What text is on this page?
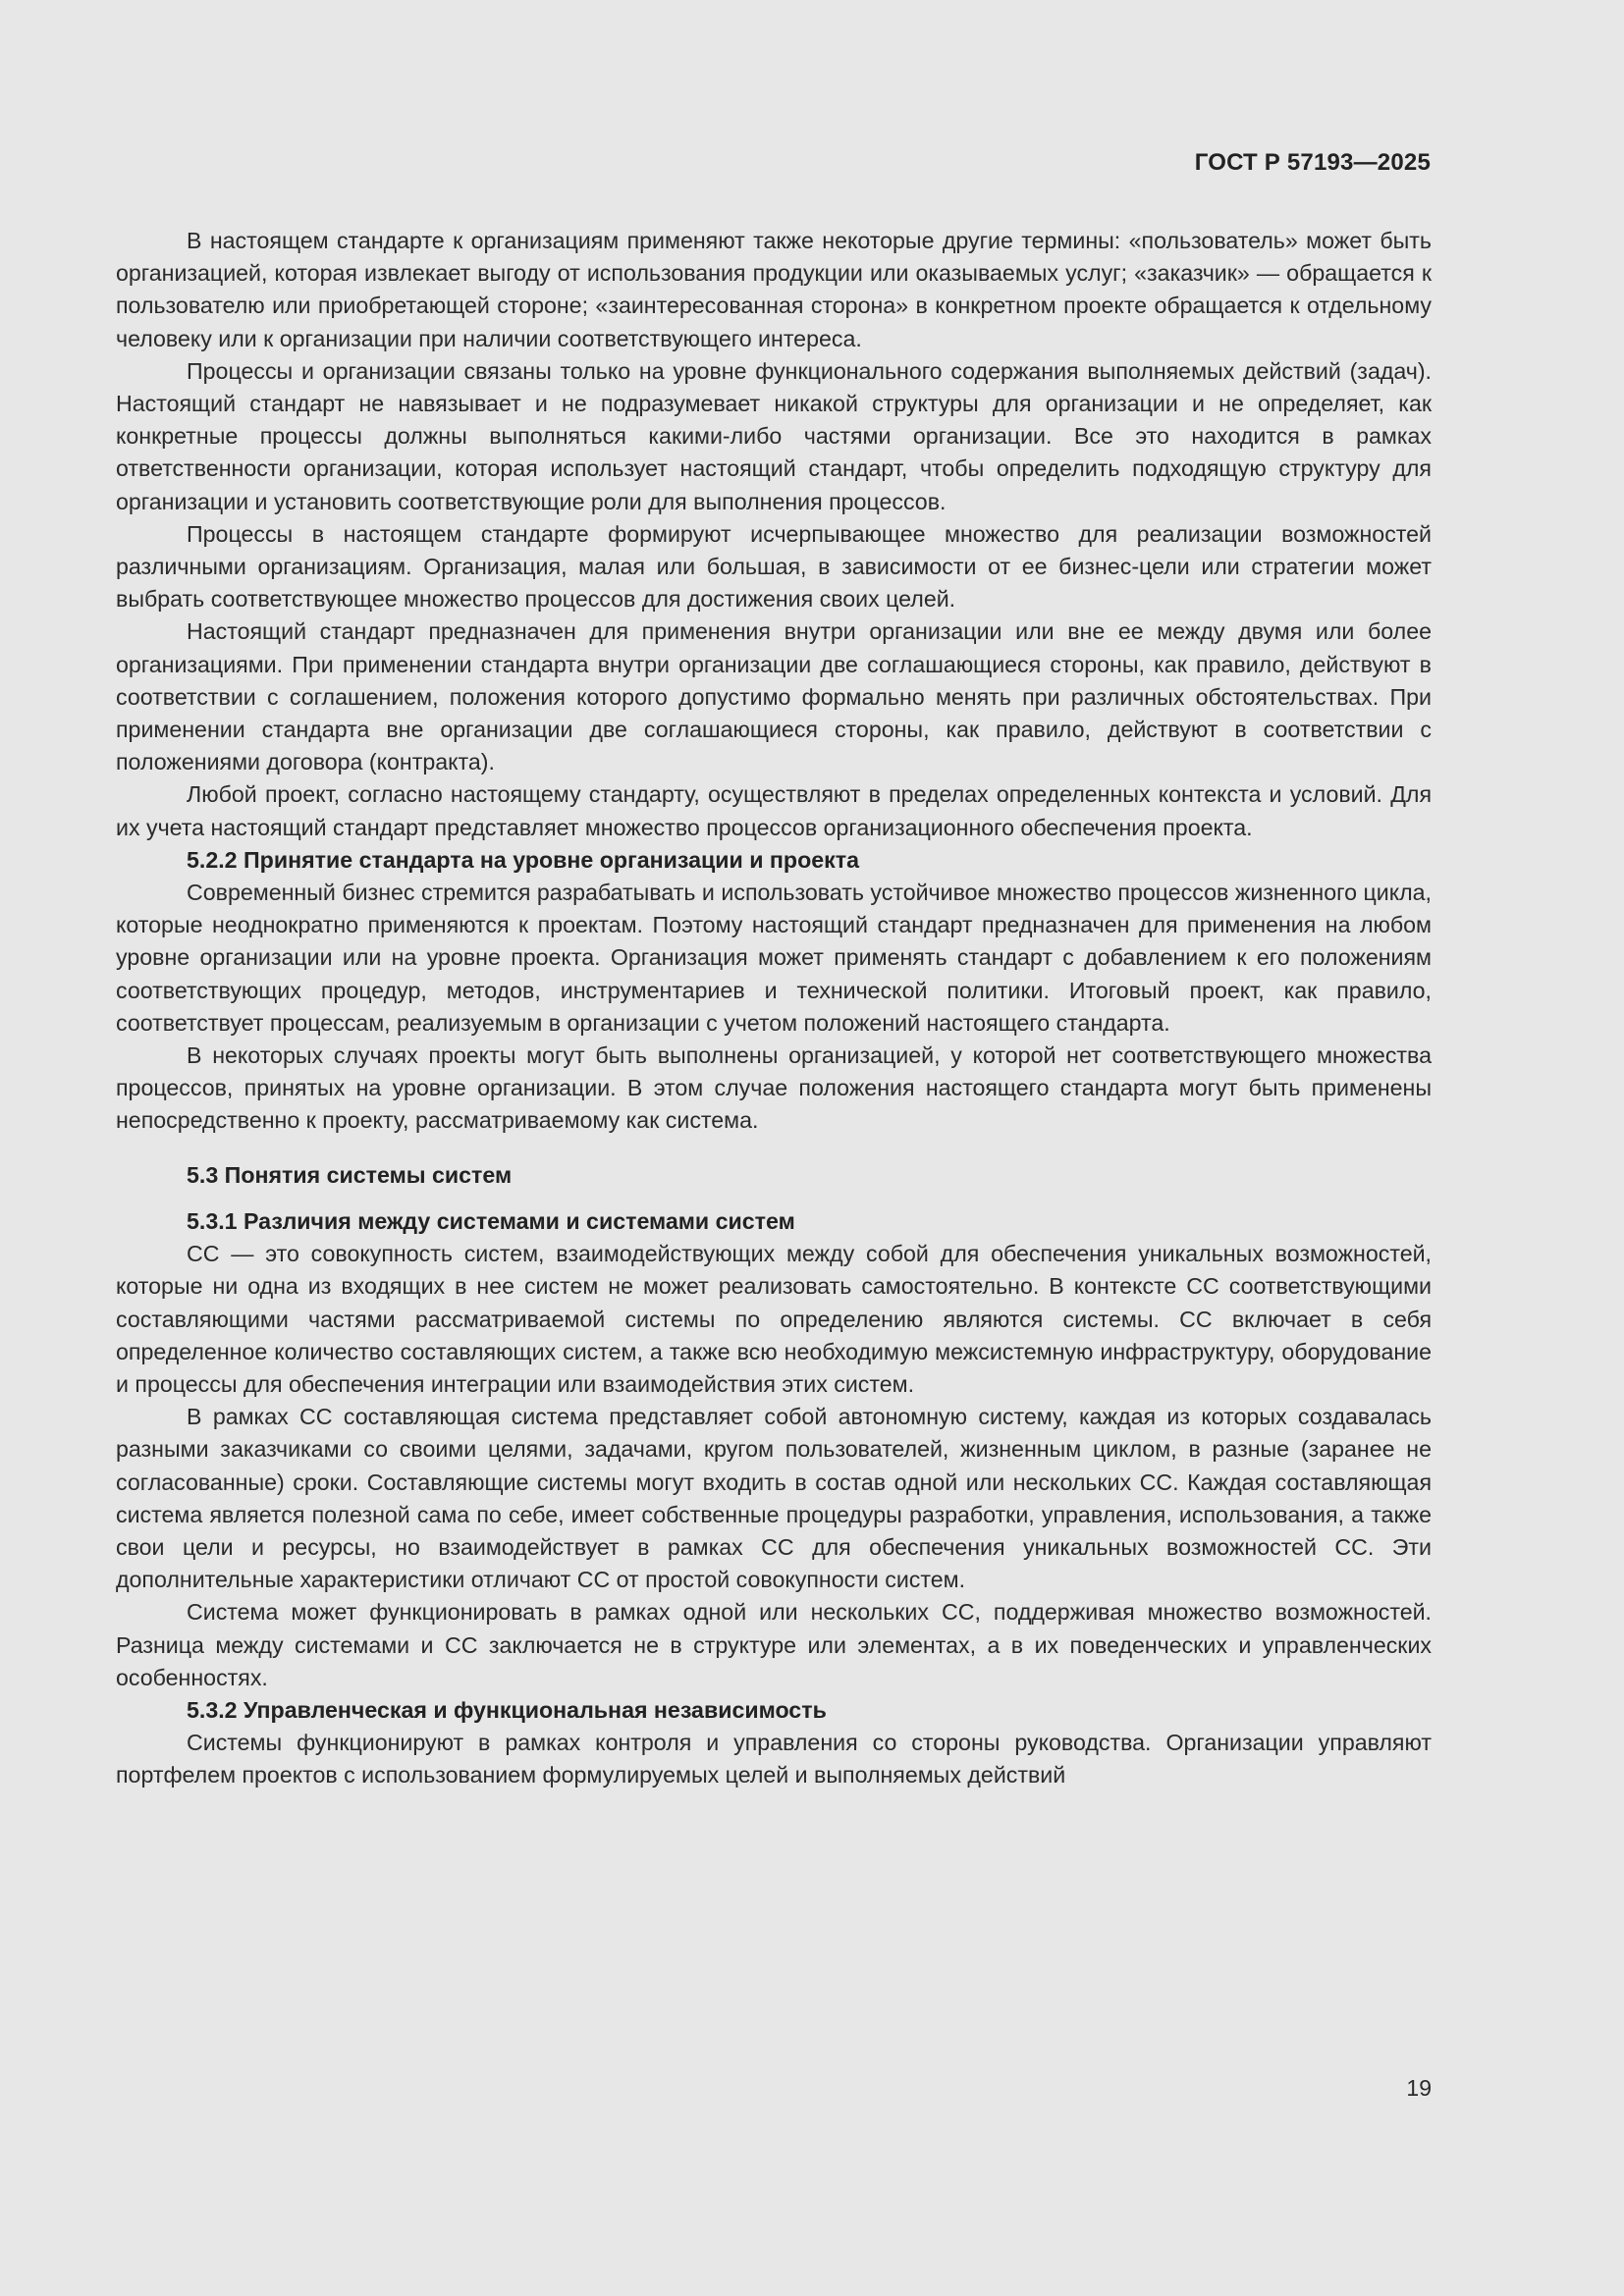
ГОСТ Р 57193—2025

В настоящем стандарте к организациям применяют также некоторые другие термины: «пользователь» может быть организацией, которая извлекает выгоду от использования продукции или оказываемых услуг; «заказчик» — обращается к пользователю или приобретающей стороне; «заинтересованная сторона» в конкретном проекте обращается к отдельному человеку или к организации при наличии соответствующего интереса.

Процессы и организации связаны только на уровне функционального содержания выполняемых действий (задач). Настоящий стандарт не навязывает и не подразумевает никакой структуры для организации и не определяет, как конкретные процессы должны выполняться какими-либо частями организации. Все это находится в рамках ответственности организации, которая использует настоящий стандарт, чтобы определить подходящую структуру для организации и установить соответствующие роли для выполнения процессов.

Процессы в настоящем стандарте формируют исчерпывающее множество для реализации возможностей различными организациям. Организация, малая или большая, в зависимости от ее бизнес-цели или стратегии может выбрать соответствующее множество процессов для достижения своих целей.

Настоящий стандарт предназначен для применения внутри организации или вне ее между двумя или более организациями. При применении стандарта внутри организации две соглашающиеся стороны, как правило, действуют в соответствии с соглашением, положения которого допустимо формально менять при различных обстоятельствах. При применении стандарта вне организации две соглашающиеся стороны, как правило, действуют в соответствии с положениями договора (контракта).

Любой проект, согласно настоящему стандарту, осуществляют в пределах определенных контекста и условий. Для их учета настоящий стандарт представляет множество процессов организационного обеспечения проекта.

5.2.2 Принятие стандарта на уровне организации и проекта

Современный бизнес стремится разрабатывать и использовать устойчивое множество процессов жизненного цикла, которые неоднократно применяются к проектам. Поэтому настоящий стандарт предназначен для применения на любом уровне организации или на уровне проекта. Организация может применять стандарт с добавлением к его положениям соответствующих процедур, методов, инструментариев и технической политики. Итоговый проект, как правило, соответствует процессам, реализуемым в организации с учетом положений настоящего стандарта.

В некоторых случаях проекты могут быть выполнены организацией, у которой нет соответствующего множества процессов, принятых на уровне организации. В этом случае положения настоящего стандарта могут быть применены непосредственно к проекту, рассматриваемому как система.

5.3 Понятия системы систем
5.3.1 Различия между системами и системами систем

СС — это совокупность систем, взаимодействующих между собой для обеспечения уникальных возможностей, которые ни одна из входящих в нее систем не может реализовать самостоятельно. В контексте СС соответствующими составляющими частями рассматриваемой системы по определению являются системы. СС включает в себя определенное количество составляющих систем, а также всю необходимую межсистемную инфраструктуру, оборудование и процессы для обеспечения интеграции или взаимодействия этих систем.

В рамках СС составляющая система представляет собой автономную систему, каждая из которых создавалась разными заказчиками со своими целями, задачами, кругом пользователей, жизненным циклом, в разные (заранее не согласованные) сроки. Составляющие системы могут входить в состав одной или нескольких СС. Каждая составляющая система является полезной сама по себе, имеет собственные процедуры разработки, управления, использования, а также свои цели и ресурсы, но взаимодействует в рамках СС для обеспечения уникальных возможностей СС. Эти дополнительные характеристики отличают СС от простой совокупности систем.

Система может функционировать в рамках одной или нескольких СС, поддерживая множество возможностей. Разница между системами и СС заключается не в структуре или элементах, а в их поведенческих и управленческих особенностях.

5.3.2 Управленческая и функциональная независимость

Системы функционируют в рамках контроля и управления со стороны руководства. Организации управляют портфелем проектов с использованием формулируемых целей и выполняемых действий

19
